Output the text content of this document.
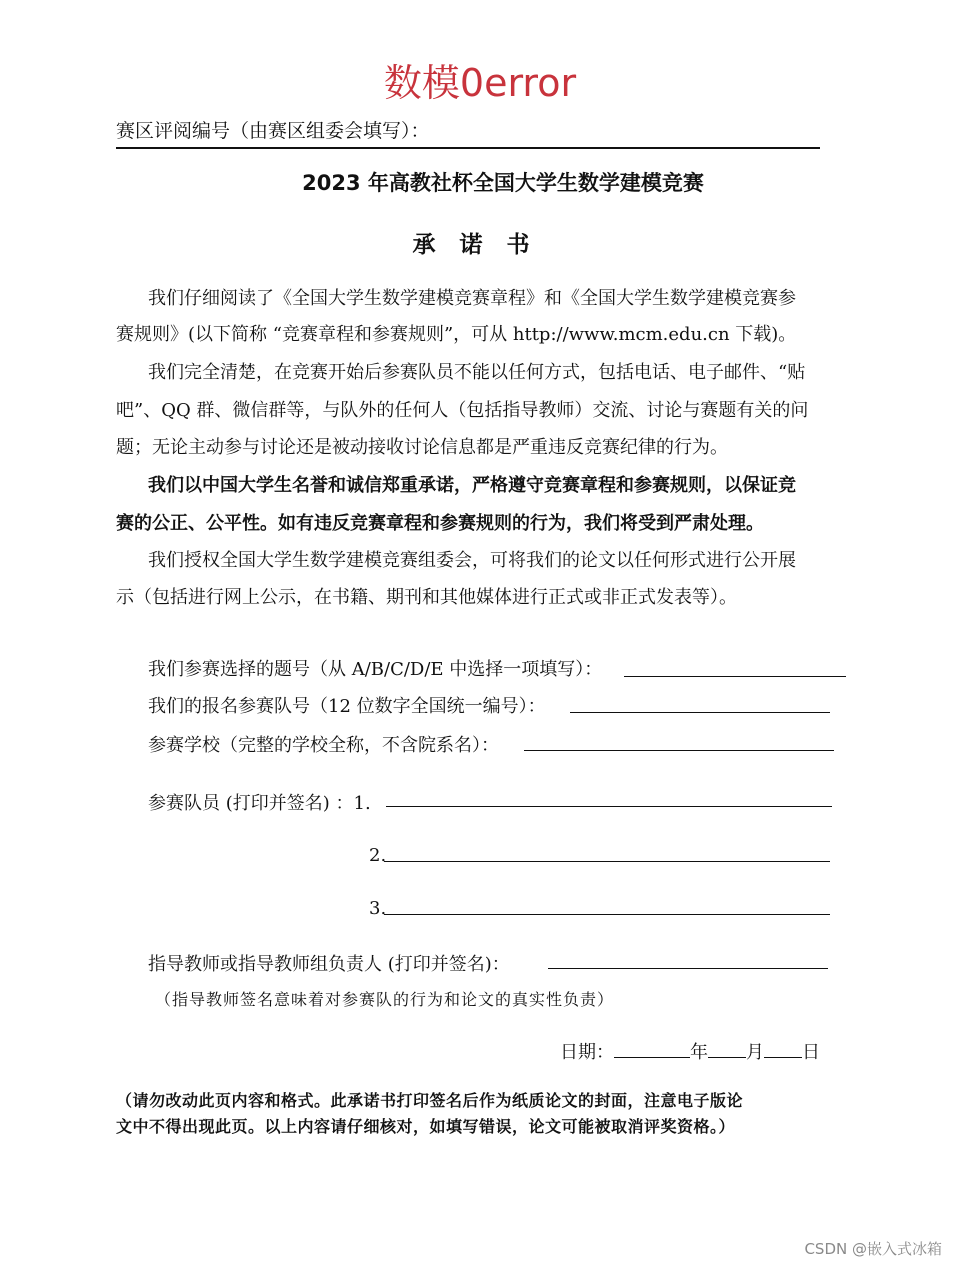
数模0error
赛区评阅编号（由赛区组委会填写）：
2023 年高教社杯全国大学生数学建模竞赛
承诺书
我们仔细阅读了《全国大学生数学建模竞赛章程》和《全国大学生数学建模竞赛参
赛规则》(以下简称 “竞赛章程和参赛规则”，可从 http://www.mcm.edu.cn 下载)。
我们完全清楚，在竞赛开始后参赛队员不能以任何方式，包括电话、电子邮件、“贴
吧”、QQ 群、微信群等，与队外的任何人（包括指导教师）交流、讨论与赛题有关的问
题；无论主动参与讨论还是被动接收讨论信息都是严重违反竞赛纪律的行为。
我们以中国大学生名誉和诚信郑重承诺，严格遵守竞赛章程和参赛规则，以保证竞
赛的公正、公平性。如有违反竞赛章程和参赛规则的行为，我们将受到严肃处理。
我们授权全国大学生数学建模竞赛组委会，可将我们的论文以任何形式进行公开展
示（包括进行网上公示，在书籍、期刊和其他媒体进行正式或非正式发表等）。
我们参赛选择的题号（从 A/B/C/D/E 中选择一项填写）：
我们的报名参赛队号（12 位数字全国统一编号）：
参赛学校（完整的学校全称，不含院系名）：
参赛队员 (打印并签名) ：1.
2.
3.
指导教师或指导教师组负责人 (打印并签名)：
（指导教师签名意味着对参赛队的行为和论文的真实性负责）
日期：	年 月 日
（请勿改动此页内容和格式。此承诺书打印签名后作为纸质论文的封面，注意电子版论
文中不得出现此页。以上内容请仔细核对，如填写错误，论文可能被取消评奖资格。）
CSDN @嵌入式冰箱
